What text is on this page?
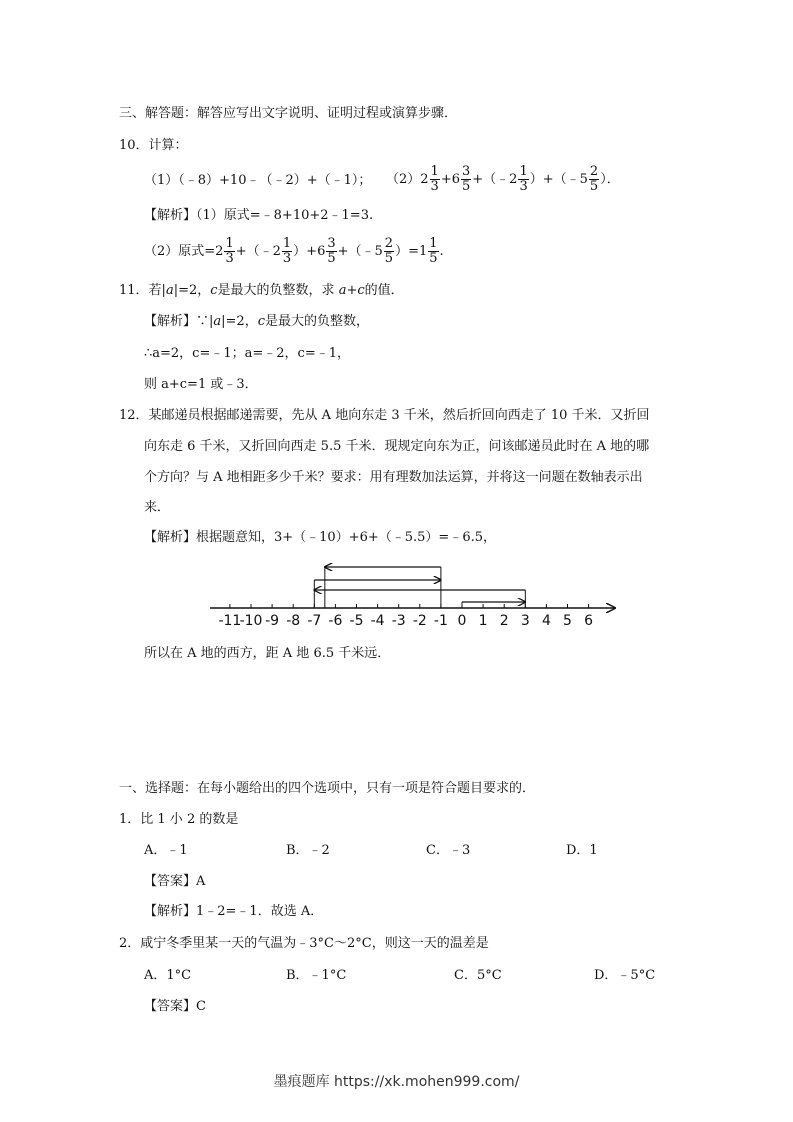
三、解答题：解答应写出文字说明、证明过程或演算步骤．
10．计算：
（1）（﹣8）+10﹣（﹣2）+（﹣1）； $(2)2 \frac{1}{3} +6 \frac{3}{5}$ +（﹣2 $\frac{1}{3}$ ）+（﹣5 $\frac{2}{5}$ ）．
【解析】（1）原式=﹣8+10+2﹣1=3.
（2）原式$=2 \frac{1}{3}$ +（﹣2 $\frac{1}{3} )+6 \frac{3}{5}$ +（﹣5 $\frac{2}{5} )=1 \frac{1}{5}$ .
11．若|a|=2，c是最大的负整数，求 a+c的值．
【解析】∵|a|=2，c是最大的负整数，
∴a=2，c=﹣1；a=﹣2，c=﹣1，
则 a+c=1 或﹣3．
12．某邮递员根据邮递需要，先从 A 地向东走 3 千米，然后折回向西走了 10 千米．又折回
向东走 6 千米，又折回向西走 5.5 千米．现规定向东为正，问该邮递员此时在 A 地的哪
个方向？与 A 地相距多少千米？要求：用有理数加法运算，并将这一问题在数轴表示出
来．
【解析】根据题意知，3+（﹣10）+6+（﹣5.5）=﹣6.5，
-11
-10 -9 -8 -7 -6 -5 -4 -3 -2 -1 0 1 2 3 4 5 6
所以在 A 地的西方，距 A 地 6.5 千米远．
一、选择题：在每小题给出的四个选项中，只有一项是符合题目要求的．
1．比 1 小 2 的数是
A．﹣1	B．﹣2	C．﹣3	D．1
【答案】A
【解析】1﹣2=﹣1．故选 A．
2．咸宁冬季里某一天的气温为﹣3°C～2°C，则这一天的温差是
A．1°C	B．﹣1°C	C．5°C	D．﹣5°C
【答案】C
墨痕题库 https://xk.mohen999.com/
